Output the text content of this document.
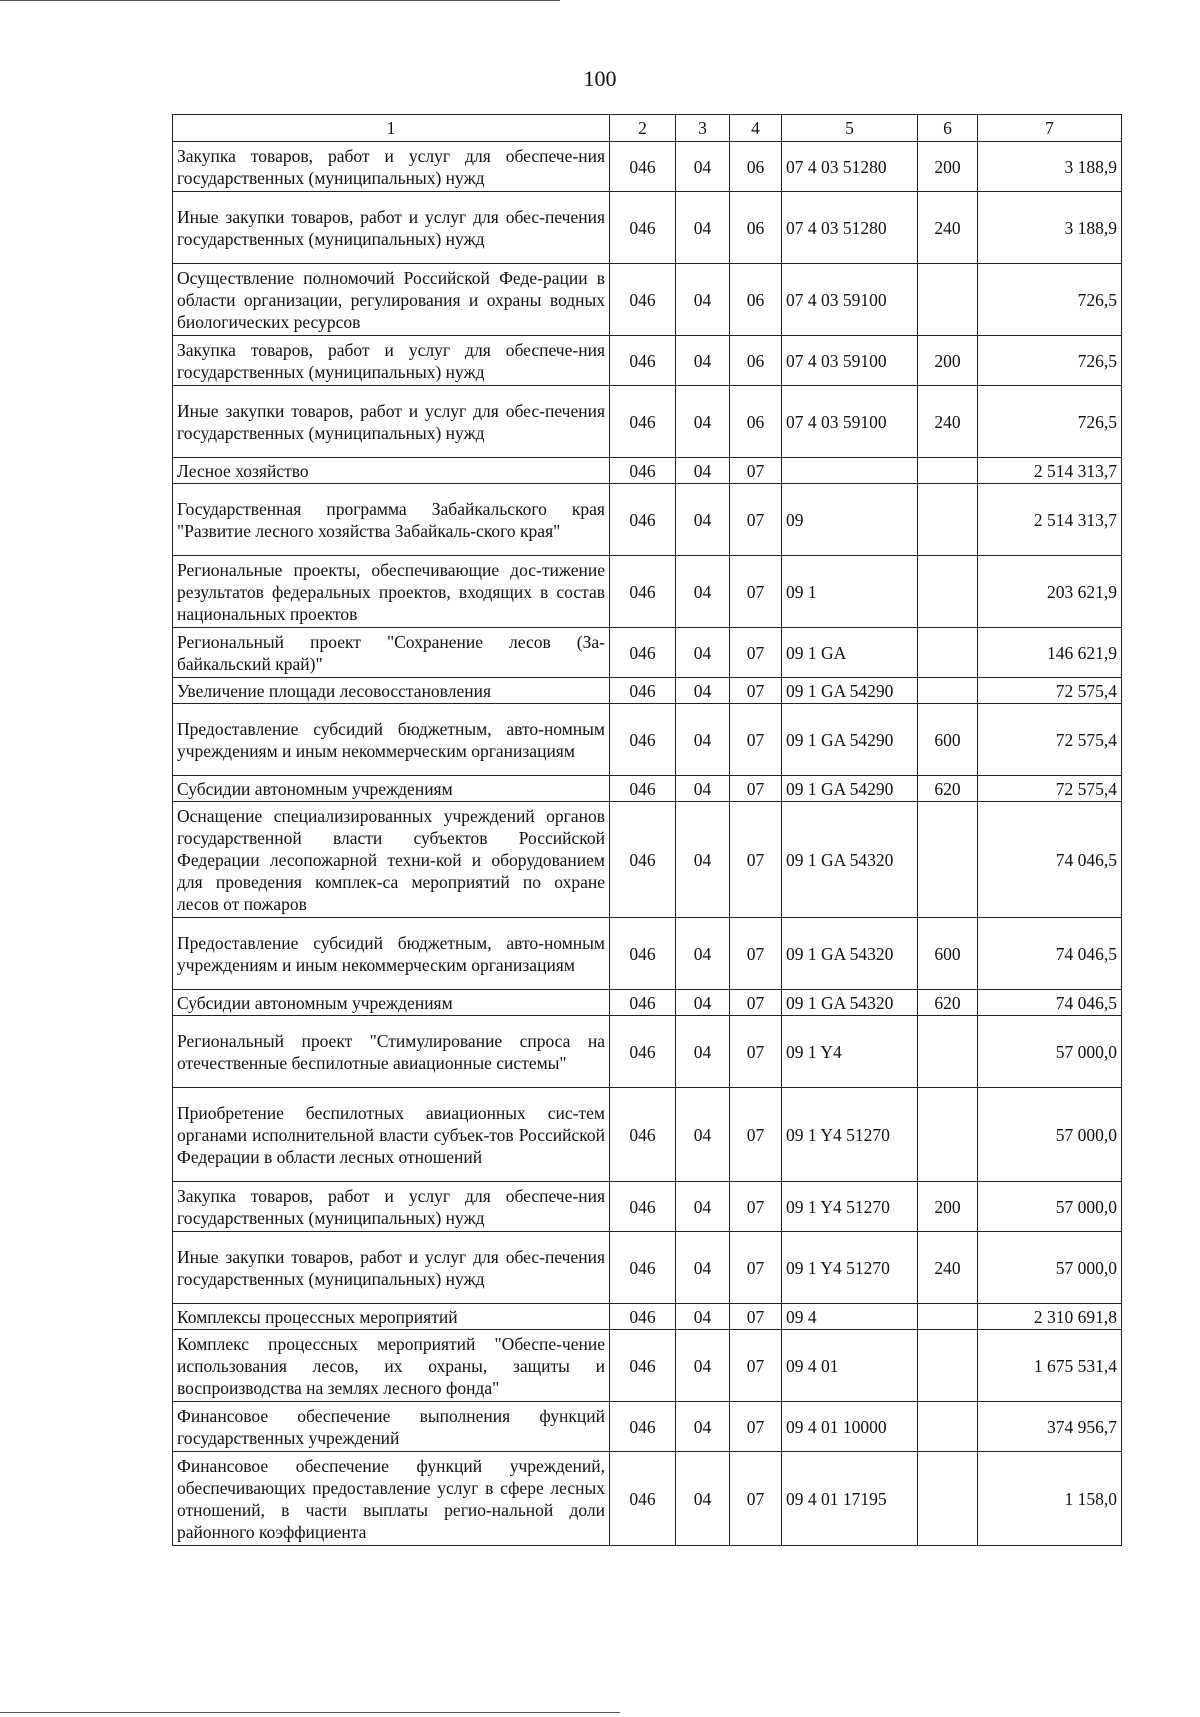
100
1	2	3	4	5	6	7
Закупка товаров, работ и услуг для обеспече-ния государственных (муниципальных) нужд	046	04	06	07 4 03 51280	200	3 188,9
Иные закупки товаров, работ и услуг для обес-печения государственных (муниципальных) нужд	046	04	06	07 4 03 51280	240	3 188,9
Осуществление полномочий Российской Феде-рации в области организации, регулирования и охраны водных биологических ресурсов	046	04	06	07 4 03 59100		726,5
Закупка товаров, работ и услуг для обеспече-ния государственных (муниципальных) нужд	046	04	06	07 4 03 59100	200	726,5
Иные закупки товаров, работ и услуг для обес-печения государственных (муниципальных) нужд	046	04	06	07 4 03 59100	240	726,5
Лесное хозяйство	046	04	07			2 514 313,7
Государственная программа Забайкальского края "Развитие лесного хозяйства Забайкаль-ского края"	046	04	07	09		2 514 313,7
Региональные проекты, обеспечивающие дос-тижение результатов федеральных проектов, входящих в состав национальных проектов	046	04	07	09 1		203 621,9
Региональный проект "Сохранение лесов (За-байкальский край)"	046	04	07	09 1 GA		146 621,9
Увеличение площади лесовосстановления	046	04	07	09 1 GA 54290		72 575,4
Предоставление субсидий бюджетным, авто-номным учреждениям и иным некоммерческим организациям	046	04	07	09 1 GA 54290	600	72 575,4
Субсидии автономным учреждениям	046	04	07	09 1 GA 54290	620	72 575,4
Оснащение специализированных учреждений органов государственной власти субъектов Российской Федерации лесопожарной техни-кой и оборудованием для проведения комплек-са мероприятий по охране лесов от пожаров	046	04	07	09 1 GA 54320		74 046,5
Предоставление субсидий бюджетным, авто-номным учреждениям и иным некоммерческим организациям	046	04	07	09 1 GA 54320	600	74 046,5
Субсидии автономным учреждениям	046	04	07	09 1 GA 54320	620	74 046,5
Региональный проект "Стимулирование спроса на отечественные беспилотные авиационные системы"	046	04	07	09 1 Y4		57 000,0
Приобретение беспилотных авиационных сис-тем органами исполнительной власти субъек-тов Российской Федерации в области лесных отношений	046	04	07	09 1 Y4 51270		57 000,0
Закупка товаров, работ и услуг для обеспече-ния государственных (муниципальных) нужд	046	04	07	09 1 Y4 51270	200	57 000,0
Иные закупки товаров, работ и услуг для обес-печения государственных (муниципальных) нужд	046	04	07	09 1 Y4 51270	240	57 000,0
Комплексы процессных мероприятий	046	04	07	09 4		2 310 691,8
Комплекс процессных мероприятий "Обеспе-чение использования лесов, их охраны, защиты и воспроизводства на землях лесного фонда"	046	04	07	09 4 01		1 675 531,4
Финансовое обеспечение выполнения функций государственных учреждений	046	04	07	09 4 01 10000		374 956,7
Финансовое обеспечение функций учреждений, обеспечивающих предоставление услуг в сфере лесных отношений, в части выплаты регио-нальной доли районного коэффициента	046	04	07	09 4 01 17195		1 158,0
